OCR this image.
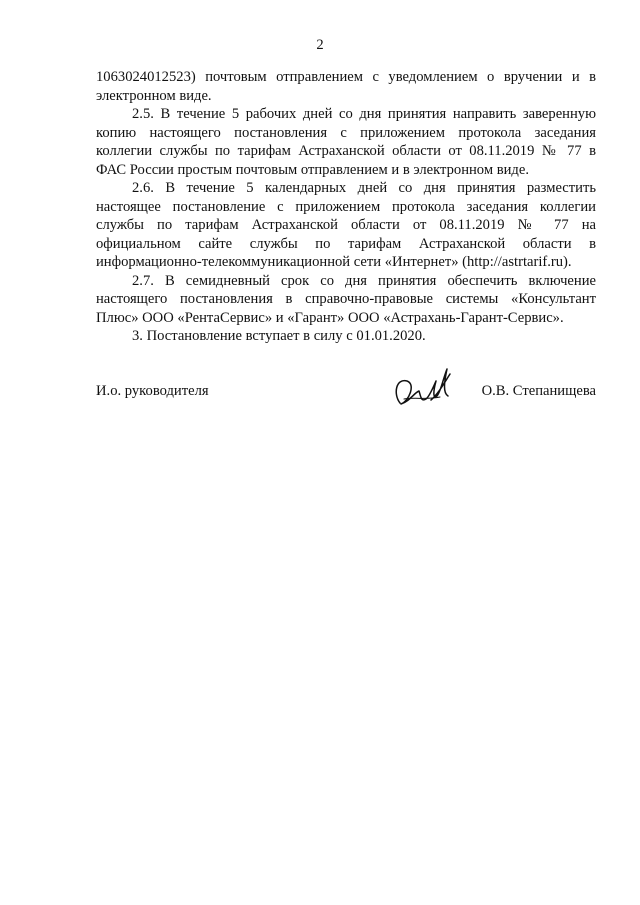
2
1063024012523) почтовым отправлением с уведомлением о вручении и в
электронном виде.
2.5. В течение 5 рабочих дней со дня принятия направить заверенную
копию настоящего постановления с приложением протокола заседания
коллегии службы по тарифам Астраханской области от 08.11.2019 № 77 в
ФАС России простым почтовым отправлением и в электронном виде.
2.6. В течение 5 календарных дней со дня принятия разместить
настоящее постановление с приложением протокола заседания коллегии
службы по тарифам Астраханской области от 08.11.2019 № 77 на
официальном сайте службы по тарифам Астраханской области в
информационно-телекоммуникационной сети «Интернет» (http://astrtarif.ru).
2.7. В семидневный срок со дня принятия обеспечить включение
настоящего постановления в справочно-правовые системы «Консультант
Плюс» ООО «РентаСервис» и «Гарант» ООО «Астрахань-Гарант-Сервис».
3. Постановление вступает в силу с 01.01.2020.
И.о. руководителя	О.В. Степанищева
